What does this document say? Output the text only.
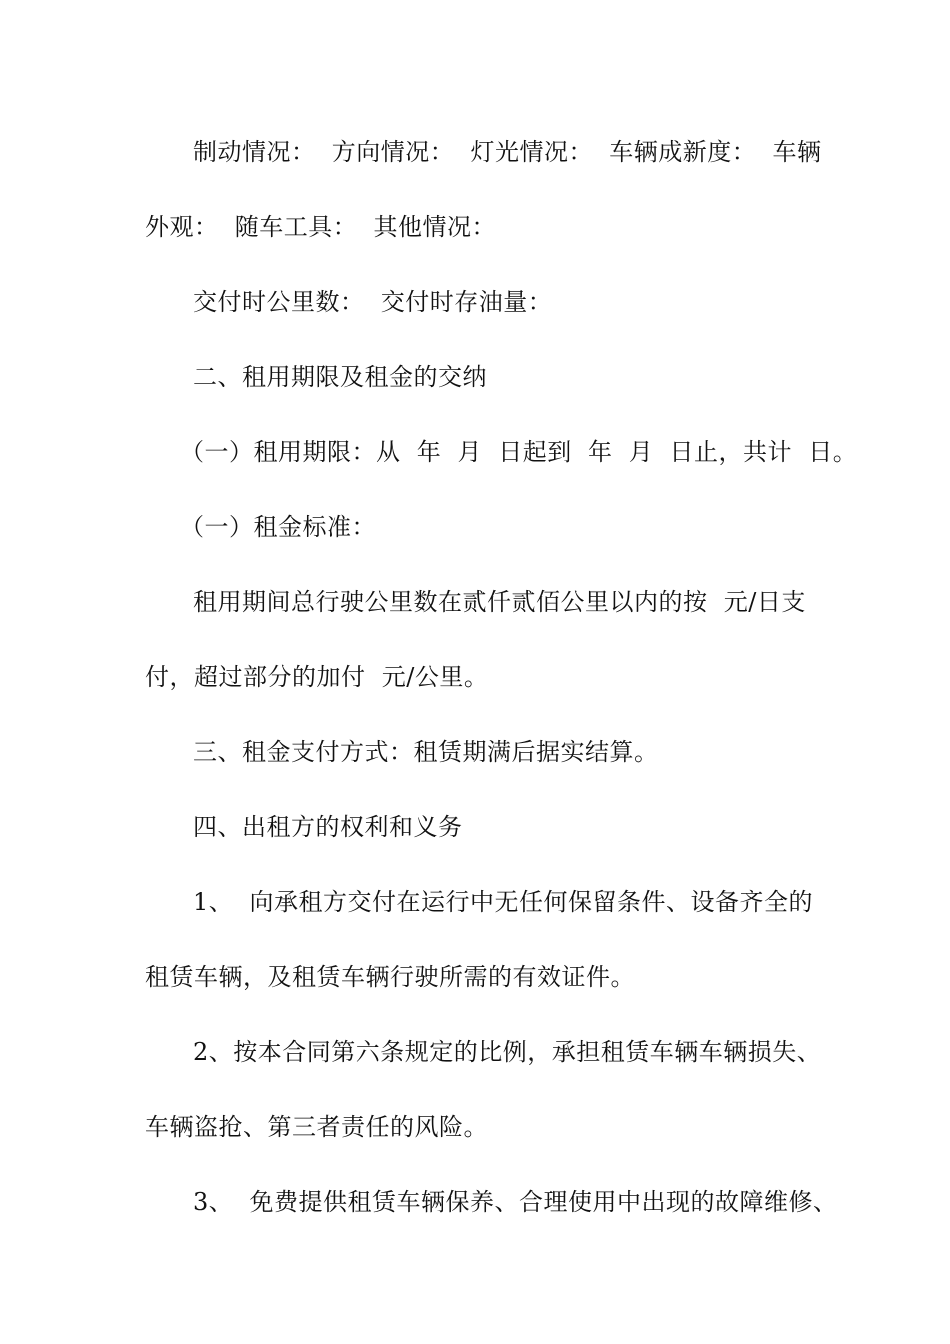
制动情况：  方向情况：  灯光情况：  车辆成新度：  车辆
外观：  随车工具：  其他情况：
交付时公里数：  交付时存油量：
二、租用期限及租金的交纳
（一）租用期限：从  年  月  日起到  年  月  日止，共计  日。
（一）租金标准：
租用期间总行驶公里数在贰仟贰佰公里以内的按  元/日支
付，超过部分的加付  元/公里。
三、租金支付方式：租赁期满后据实结算。
四、出租方的权利和义务
1、  向承租方交付在运行中无任何保留条件、设备齐全的
租赁车辆，及租赁车辆行驶所需的有效证件。
2、按本合同第六条规定的比例，承担租赁车辆车辆损失、
车辆盗抢、第三者责任的风险。
3、  免费提供租赁车辆保养、合理使用中出现的故障维修、
